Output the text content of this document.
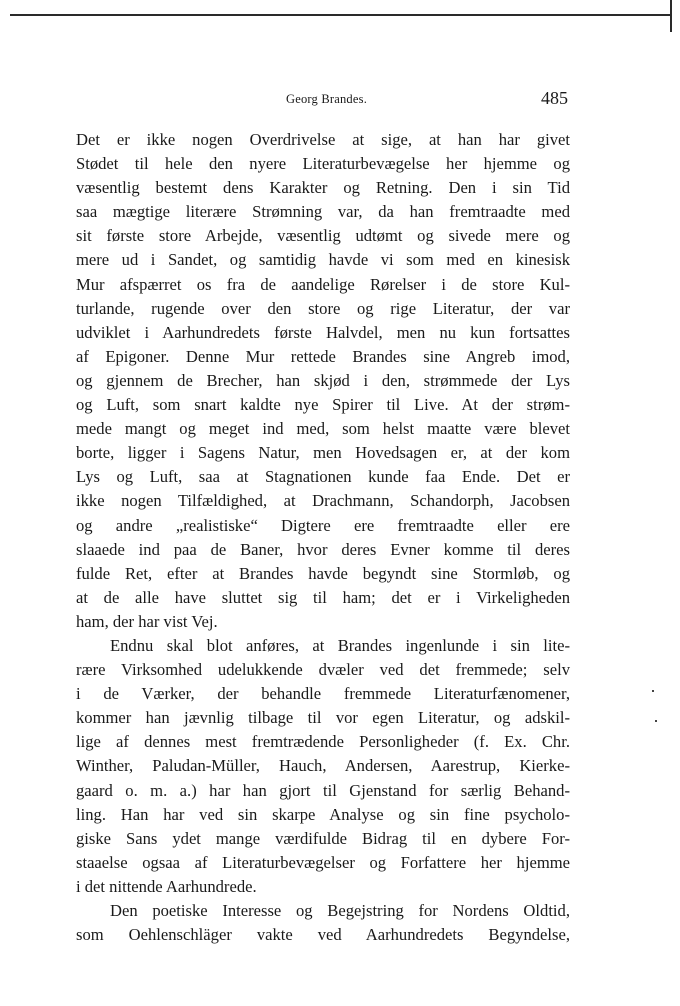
Georg Brandes.	485
Det er ikke nogen Overdrivelse at sige, at han har givet
Stødet til hele den nyere Literaturbevægelse her hjemme og
væsentlig bestemt dens Karakter og Retning. Den i sin Tid
saa mægtige literære Strømning var, da han fremtraadte med
sit første store Arbejde, væsentlig udtømt og sivede mere og
mere ud i Sandet, og samtidig havde vi som med en kinesisk
Mur afspærret os fra de aandelige Rørelser i de store Kul-
turlande, rugende over den store og rige Literatur, der var
udviklet i Aarhundredets første Halvdel, men nu kun fortsattes
af Epigoner. Denne Mur rettede Brandes sine Angreb imod,
og gjennem de Brecher, han skjød i den, strømmede der Lys
og Luft, som snart kaldte nye Spirer til Live. At der strøm-
mede mangt og meget ind med, som helst maatte være blevet
borte, ligger i Sagens Natur, men Hovedsagen er, at der kom
Lys og Luft, saa at Stagnationen kunde faa Ende. Det er
ikke nogen Tilfældighed, at Drachmann, Schandorph, Jacobsen
og andre „realistiske“ Digtere ere fremtraadte eller ere
slaaede ind paa de Baner, hvor deres Evner komme til deres
fulde Ret, efter at Brandes havde begyndt sine Stormløb, og
at de alle have sluttet sig til ham; det er i Virkeligheden
ham, der har vist Vej.
Endnu skal blot anføres, at Brandes ingenlunde i sin lite-
rære Virksomhed udelukkende dvæler ved det fremmede; selv
i de Værker, der behandle fremmede Literaturfænomener,
kommer han jævnlig tilbage til vor egen Literatur, og adskil-
lige af dennes mest fremtrædende Personligheder (f. Ex. Chr.
Winther, Paludan-Müller, Hauch, Andersen, Aarestrup, Kierke-
gaard o. m. a.) har han gjort til Gjenstand for særlig Behand-
ling. Han har ved sin skarpe Analyse og sin fine psycholo-
giske Sans ydet mange værdifulde Bidrag til en dybere For-
staaelse ogsaa af Literaturbevægelser og Forfattere her hjemme
i det nittende Aarhundrede.
Den poetiske Interesse og Begejstring for Nordens Oldtid,
som Oehlenschläger vakte ved Aarhundredets Begyndelse,
